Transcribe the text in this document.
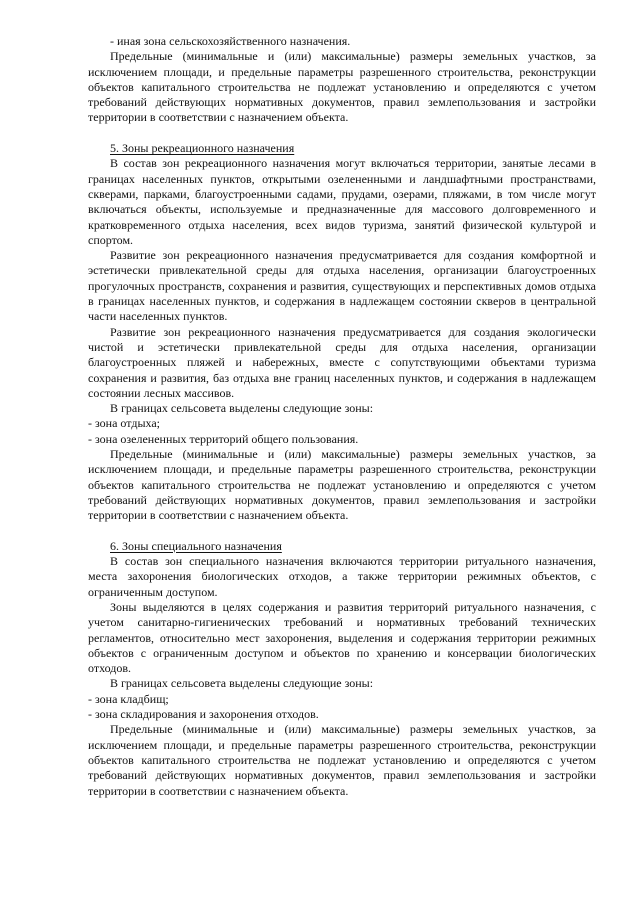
- иная зона сельскохозяйственного назначения.

Предельные (минимальные и (или) максимальные) размеры земельных участков, за исключением площади, и предельные параметры разрешенного строительства, реконструкции объектов капитального строительства не подлежат установлению и определяются с учетом требований действующих нормативных документов, правил землепользования и застройки территории в соответствии с назначением объекта.

5. Зоны рекреационного назначения

В состав зон рекреационного назначения могут включаться территории, занятые лесами в границах населенных пунктов, открытыми озелененными и ландшафтными пространствами, скверами, парками, благоустроенными садами, прудами, озерами, пляжами, в том числе могут включаться объекты, используемые и предназначенные для массового долговременного и кратковременного отдыха населения, всех видов туризма, занятий физической культурой и спортом.

Развитие зон рекреационного назначения предусматривается для создания комфортной и эстетически привлекательной среды для отдыха населения, организации благоустроенных прогулочных пространств, сохранения и развития, существующих и перспективных домов отдыха в границах населенных пунктов, и содержания в надлежащем состоянии скверов в центральной части населенных пунктов.

Развитие зон рекреационного назначения предусматривается для создания экологически чистой и эстетически привлекательной среды для отдыха населения, организации благоустроенных пляжей и набережных, вместе с сопутствующими объектами туризма сохранения и развития, баз отдыха вне границ населенных пунктов, и содержания в надлежащем состоянии лесных массивов.

В границах сельсовета выделены следующие зоны:

- зона отдыха;

- зона озелененных территорий общего пользования.

Предельные (минимальные и (или) максимальные) размеры земельных участков, за исключением площади, и предельные параметры разрешенного строительства, реконструкции объектов капитального строительства не подлежат установлению и определяются с учетом требований действующих нормативных документов, правил землепользования и застройки территории в соответствии с назначением объекта.

6. Зоны специального назначения

В состав зон специального назначения включаются территории ритуального назначения, места захоронения биологических отходов, а также территории режимных объектов, с ограниченным доступом.

Зоны выделяются в целях содержания и развития территорий ритуального назначения, с учетом санитарно-гигиенических требований и нормативных требований технических регламентов, относительно мест захоронения, выделения и содержания территории режимных объектов с ограниченным доступом и объектов по хранению и консервации биологических отходов.

В границах сельсовета выделены следующие зоны:

- зона кладбищ;

- зона складирования и захоронения отходов.

Предельные (минимальные и (или) максимальные) размеры земельных участков, за исключением площади, и предельные параметры разрешенного строительства, реконструкции объектов капитального строительства не подлежат установлению и определяются с учетом требований действующих нормативных документов, правил землепользования и застройки территории в соответствии с назначением объекта.
